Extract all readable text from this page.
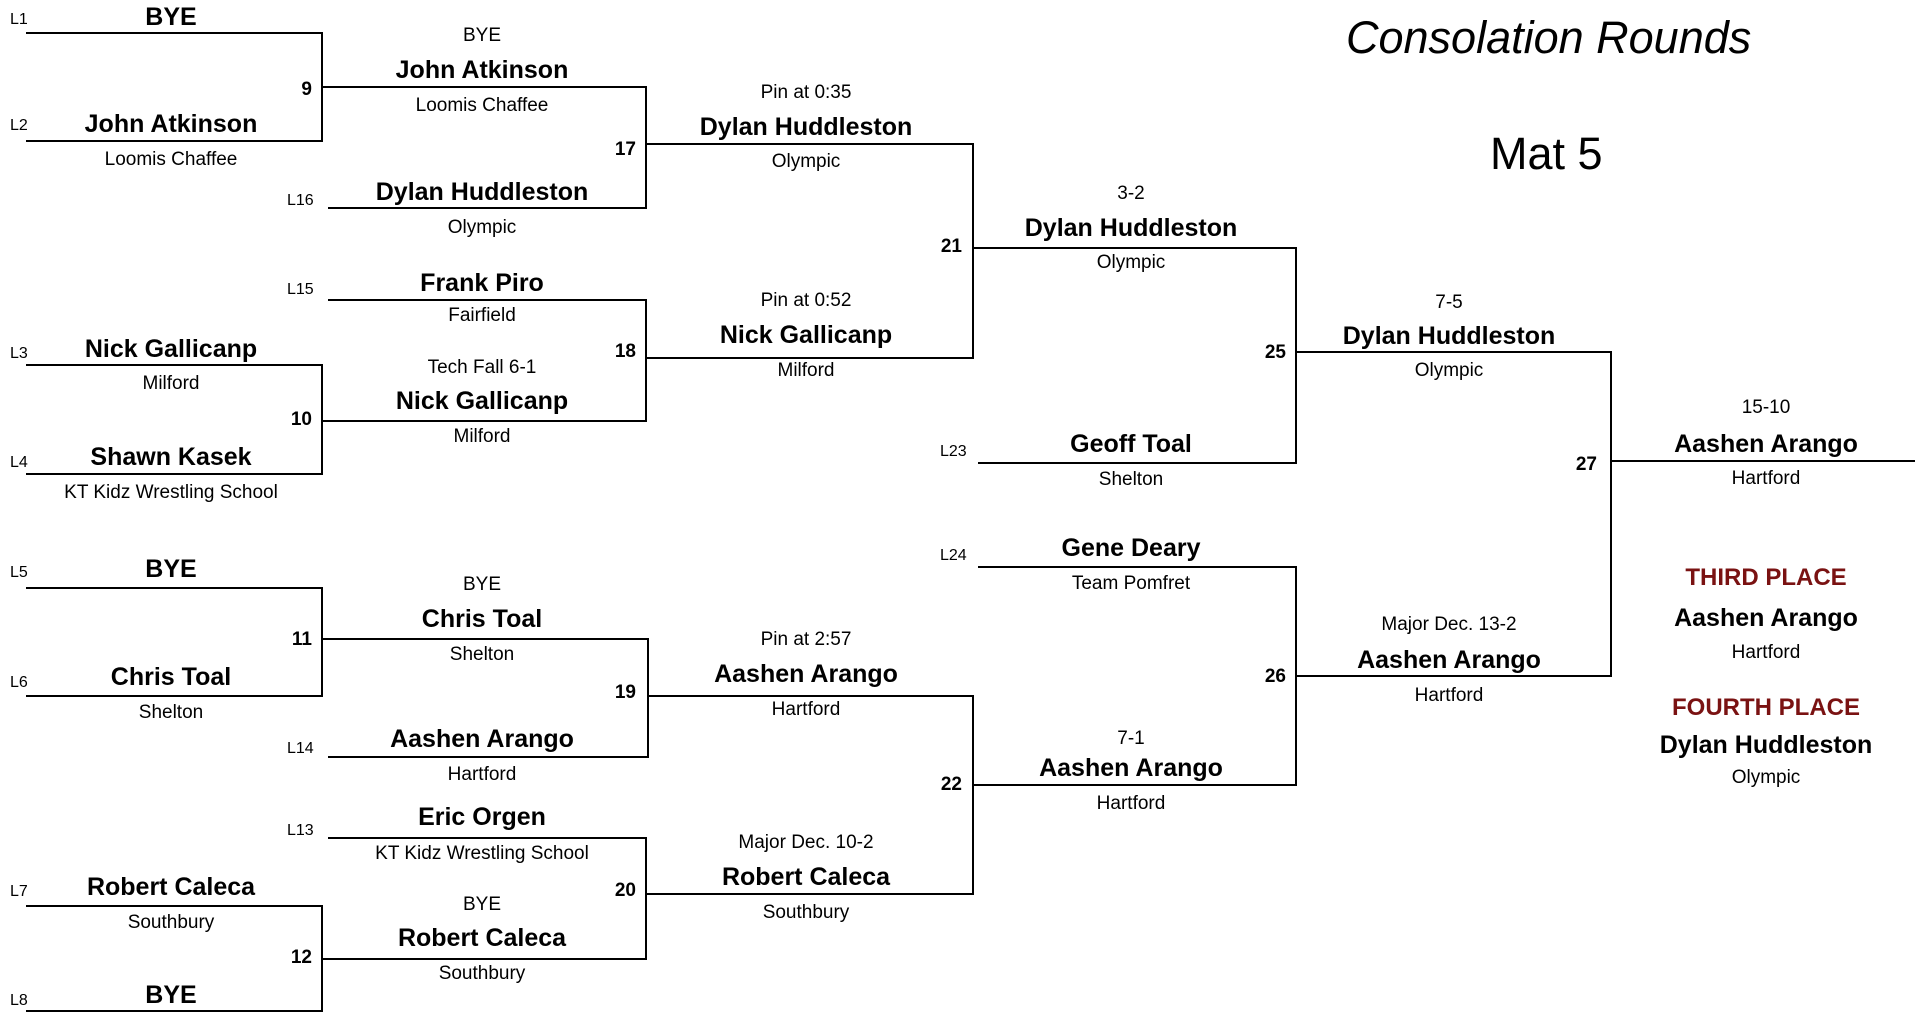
Consolation Rounds
Mat 5
L1
L2
L16
L15
L3
L4
L5
L6
L14
L13
L7
L8
L23
L24
9
10
11
12
17
18
19
20
21
22
25
26
27
BYE
John Atkinson
Loomis Chaffee
Nick Gallicanp
Milford
Shawn Kasek
KT Kidz Wrestling School
BYE
Chris Toal
Shelton
Robert Caleca
Southbury
BYE
BYE
John Atkinson
Loomis Chaffee
Dylan Huddleston
Olympic
Frank Piro
Fairfield
Tech Fall 6-1
Nick Gallicanp
Milford
BYE
Chris Toal
Shelton
Aashen Arango
Hartford
Eric Orgen
KT Kidz Wrestling School
BYE
Robert Caleca
Southbury
Pin at 0:35
Dylan Huddleston
Olympic
Pin at 0:52
Nick Gallicanp
Milford
Pin at 2:57
Aashen Arango
Hartford
Major Dec. 10-2
Robert Caleca
Southbury
3-2
Dylan Huddleston
Olympic
Geoff Toal
Shelton
Gene Deary
Team Pomfret
7-1
Aashen Arango
Hartford
7-5
Dylan Huddleston
Olympic
Major Dec. 13-2
Aashen Arango
Hartford
15-10
Aashen Arango
Hartford
THIRD PLACE
Aashen Arango
Hartford
FOURTH PLACE
Dylan Huddleston
Olympic
